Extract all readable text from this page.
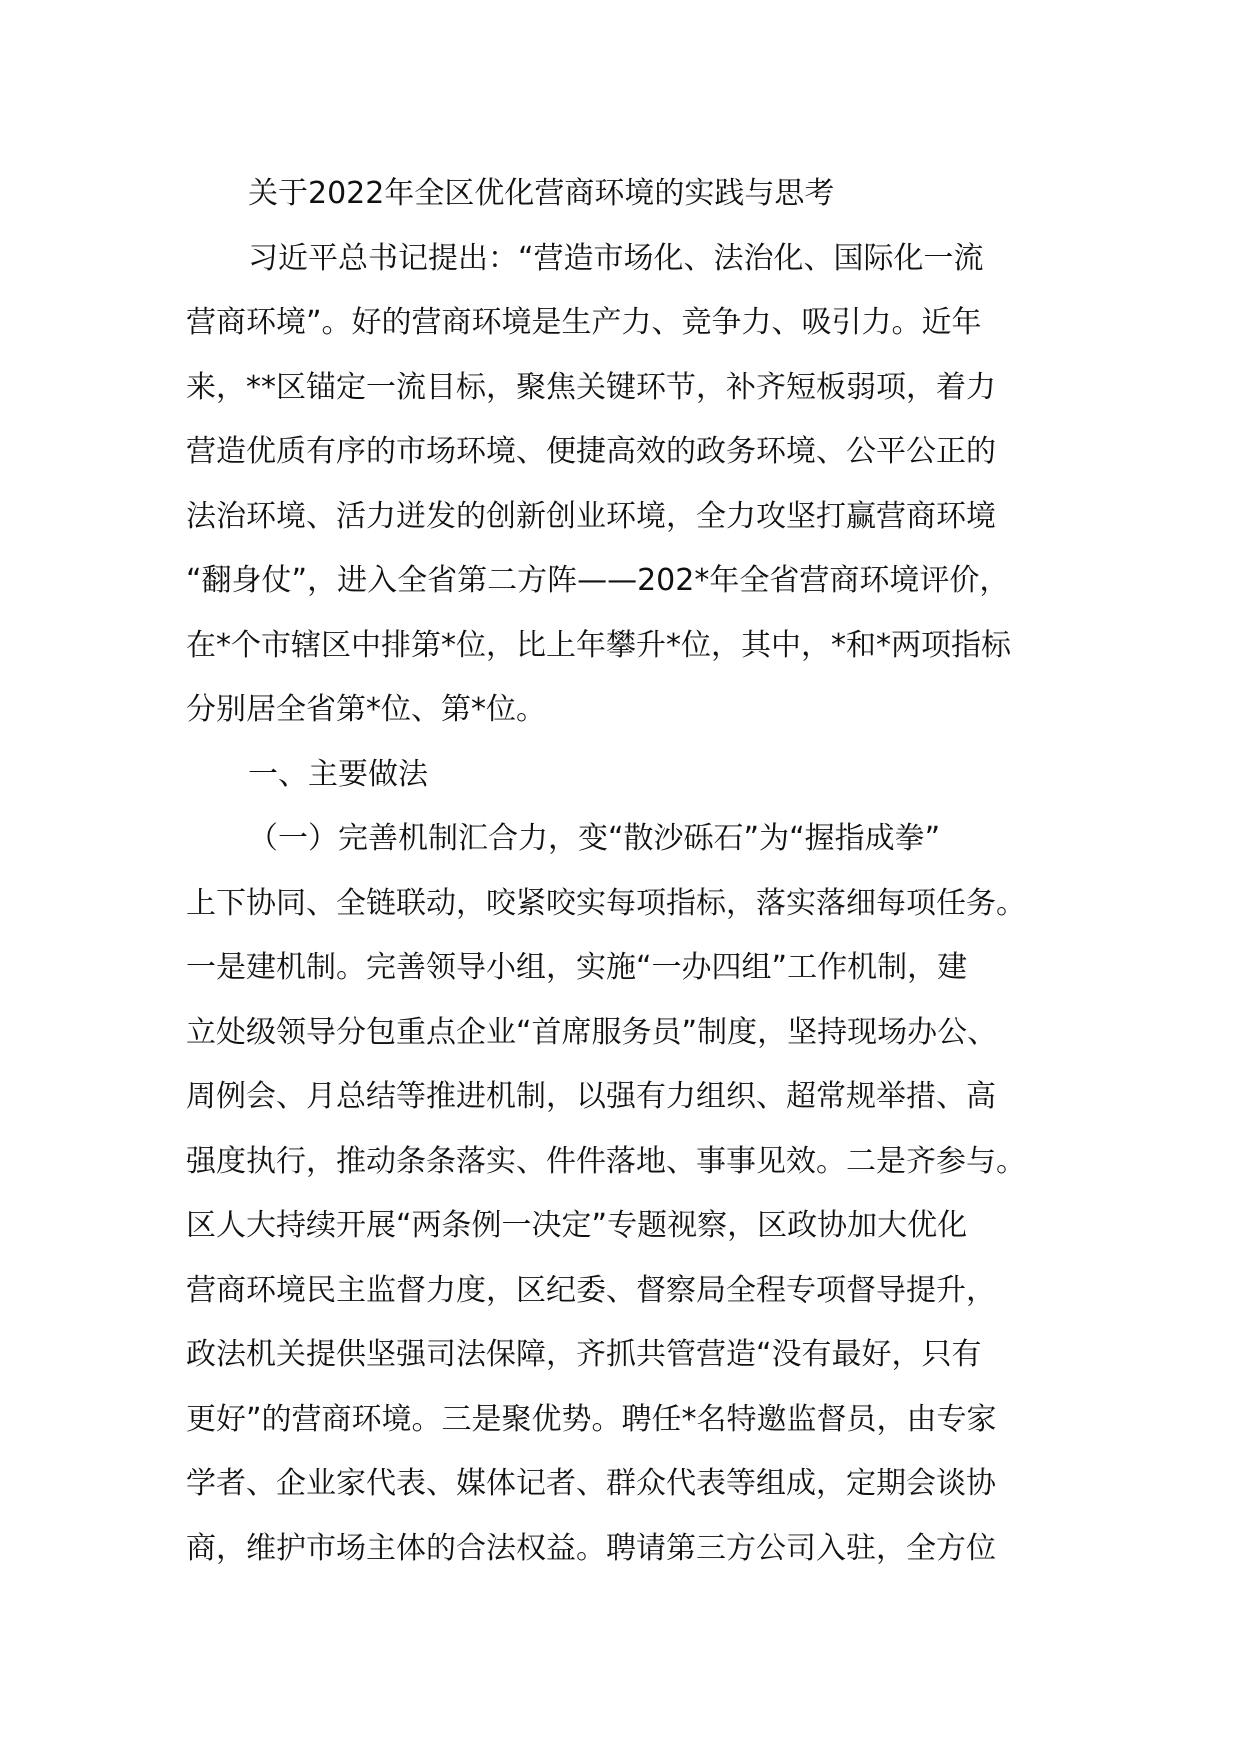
关于2022年全区优化营商环境的实践与思考

习近平总书记提出：“营造市场化、法治化、国际化一流

营商环境”。好的营商环境是生产力、竞争力、吸引力。近年

来，**区锚定一流目标，聚焦关键环节，补齐短板弱项，着力

营造优质有序的市场环境、便捷高效的政务环境、公平公正的

法治环境、活力迸发的创新创业环境，全力攻坚打赢营商环境

“翻身仗”，进入全省第二方阵——202*年全省营商环境评价，

在*个市辖区中排第*位，比上年攀升*位，其中，*和*两项指标

分别居全省第*位、第*位。

一、主要做法

（一）完善机制汇合力，变“散沙砾石”为“握指成拳”

上下协同、全链联动，咬紧咬实每项指标，落实落细每项任务。

一是建机制。完善领导小组，实施“一办四组”工作机制，建

立处级领导分包重点企业“首席服务员”制度，坚持现场办公、

周例会、月总结等推进机制，以强有力组织、超常规举措、高

强度执行，推动条条落实、件件落地、事事见效。二是齐参与。

区人大持续开展“两条例一决定”专题视察，区政协加大优化

营商环境民主监督力度，区纪委、督察局全程专项督导提升，

政法机关提供坚强司法保障，齐抓共管营造“没有最好，只有

更好”的营商环境。三是聚优势。聘任*名特邀监督员，由专家

学者、企业家代表、媒体记者、群众代表等组成，定期会谈协

商，维护市场主体的合法权益。聘请第三方公司入驻，全方位
